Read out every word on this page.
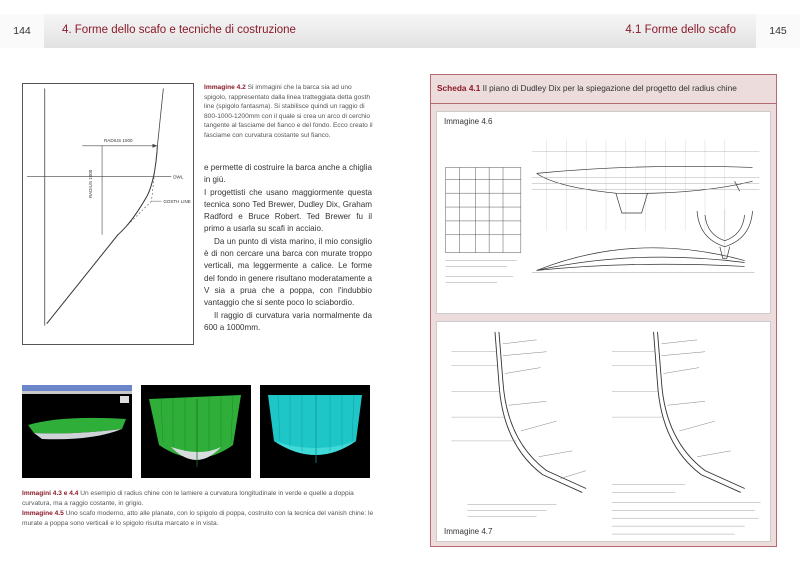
144	4. Forme dello scafo e tecniche di costruzione	4.1 Forme dello scafo	145
RADIUS 1000
RADIUS 1000	DWL
GOSTH LINE
Immagine 4.2 Si immagini che la barca sia ad uno spigolo, rappresentato dalla linea tratteggiata detta gosth line (spigolo fantasma). Si stabilisce quindi un raggio di 800-1000-1200mm con il quale si crea un arco di cerchio tangente al fasciame del fianco e del fondo. Ecco creato il fasciame con curvatura costante sul fianco.

e permette di costruire la barca anche a chiglia in giù.

I progettisti che usano maggiormente questa tecnica sono Ted Brewer, Dudley Dix, Graham Radford e Bruce Robert. Ted Brewer fu il primo a usarla su scafi in acciaio.

Da un punto di vista marino, il mio consiglio è di non cercare una barca con murate troppo verticali, ma leggermente a calice. Le forme del fondo in genere risultano moderatamente a V sia a prua che a poppa, con l'indubbio vantaggio che si sente poco lo sciabordio.

Il raggio di curvatura varia normalmente da 600 a 1000mm.

Immagini 4.3 e 4.4 Un esempio di radius chine con le lamiere a curvatura longitudinale in verde e quelle a doppia curvatura, ma a raggio costante, in grigio.

Immagine 4.5 Uno scafo moderno, atto alle planate, con lo spigolo di poppa, costruito con la tecnica del vanish chine: le murate a poppa sono verticali e lo spigolo risulta marcato e in vista.

Scheda 4.1 Il piano di Dudley Dix per la spiegazione del progetto del radius chine
Immagine 4.6
Immagine 4.7
